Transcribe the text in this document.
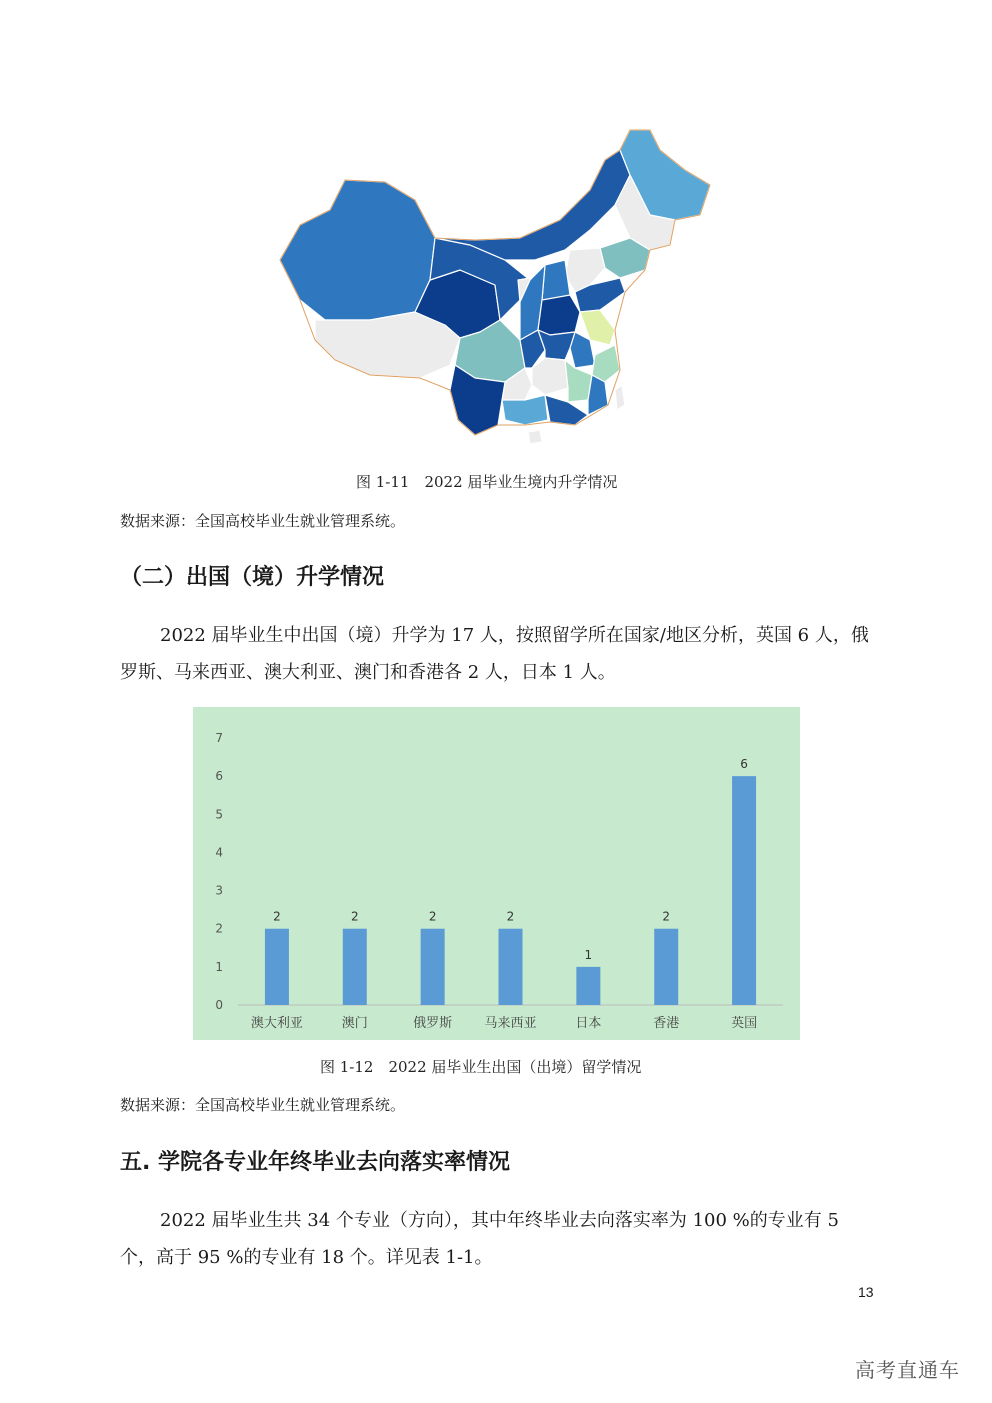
图 1-11　2022 届毕业生境内升学情况
数据来源：全国高校毕业生就业管理系统。
（二）出国（境）升学情况
2022 届毕业生中出国（境）升学为 17 人，按照留学所在国家/地区分析，英国 6 人，俄罗斯、马来西亚、澳大利亚、澳门和香港各 2 人，日本 1 人。
0
1
2
3
4
5
6
7
2
澳大利亚
2
澳门
2
俄罗斯
2
马来西亚
1
日本
2
香港
6
英国
图 1-12　2022 届毕业生出国（出境）留学情况
数据来源：全国高校毕业生就业管理系统。
五. 学院各专业年终毕业去向落实率情况
2022 届毕业生共 34 个专业（方向），其中年终毕业去向落实率为 100 %的专业有 5 个，高于 95 %的专业有 18 个。详见表 1-1。
13
高考直通车
